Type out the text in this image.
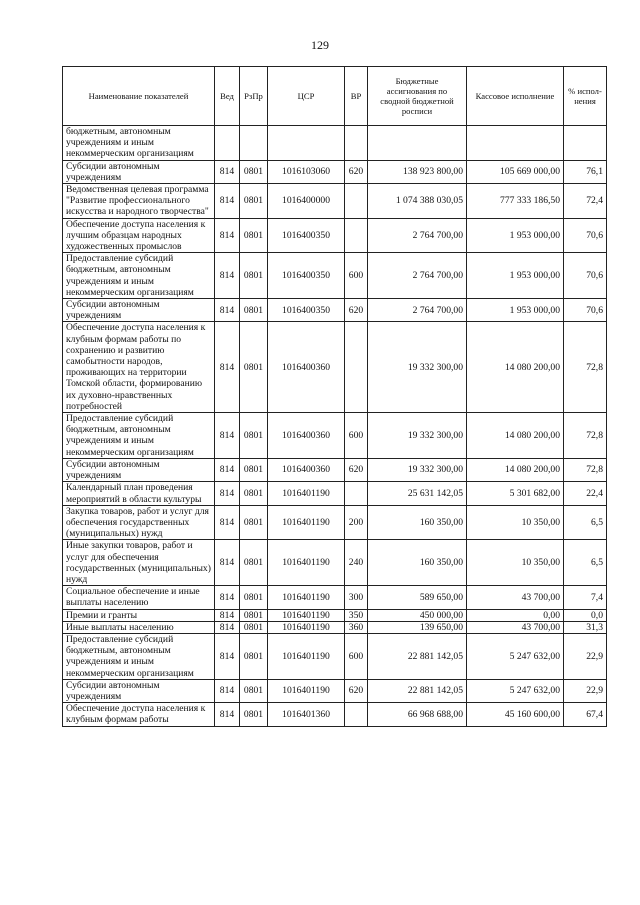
129
Наименование показателей	Вед	РзПр	ЦСР	ВР	Бюджетные ассигнования по сводной бюджетной росписи	Кассовое исполнение	% испол-нения
бюджетным, автономным учреждениям и иным некоммерческим организациям							
Субсидии автономным учреждениям	814	0801	1016103060	620	138 923 800,00	105 669 000,00	76,1
Ведомственная целевая программа "Развитие профессионального искусства и народного творчества"	814	0801	1016400000		1 074 388 030,05	777 333 186,50	72,4
Обеспечение доступа населения к лучшим образцам народных художественных промыслов	814	0801	1016400350		2 764 700,00	1 953 000,00	70,6
Предоставление субсидий бюджетным, автономным учреждениям и иным некоммерческим организациям	814	0801	1016400350	600	2 764 700,00	1 953 000,00	70,6
Субсидии автономным учреждениям	814	0801	1016400350	620	2 764 700,00	1 953 000,00	70,6
Обеспечение доступа населения к клубным формам работы по сохранению и развитию самобытности народов, проживающих на территории Томской области, формированию их духовно-нравственных потребностей	814	0801	1016400360		19 332 300,00	14 080 200,00	72,8
Предоставление субсидий бюджетным, автономным учреждениям и иным некоммерческим организациям	814	0801	1016400360	600	19 332 300,00	14 080 200,00	72,8
Субсидии автономным учреждениям	814	0801	1016400360	620	19 332 300,00	14 080 200,00	72,8
Календарный план проведения мероприятий в области культуры	814	0801	1016401190		25 631 142,05	5 301 682,00	22,4
Закупка товаров, работ и услуг для обеспечения государственных (муниципальных) нужд	814	0801	1016401190	200	160 350,00	10 350,00	6,5
Иные закупки товаров, работ и услуг для обеспечения государственных (муниципальных) нужд	814	0801	1016401190	240	160 350,00	10 350,00	6,5
Социальное обеспечение и иные выплаты населению	814	0801	1016401190	300	589 650,00	43 700,00	7,4
Премии и гранты	814	0801	1016401190	350	450 000,00	0,00	0,0
Иные выплаты населению	814	0801	1016401190	360	139 650,00	43 700,00	31,3
Предоставление субсидий бюджетным, автономным учреждениям и иным некоммерческим организациям	814	0801	1016401190	600	22 881 142,05	5 247 632,00	22,9
Субсидии автономным учреждениям	814	0801	1016401190	620	22 881 142,05	5 247 632,00	22,9
Обеспечение доступа населения к клубным формам работы	814	0801	1016401360		66 968 688,00	45 160 600,00	67,4
